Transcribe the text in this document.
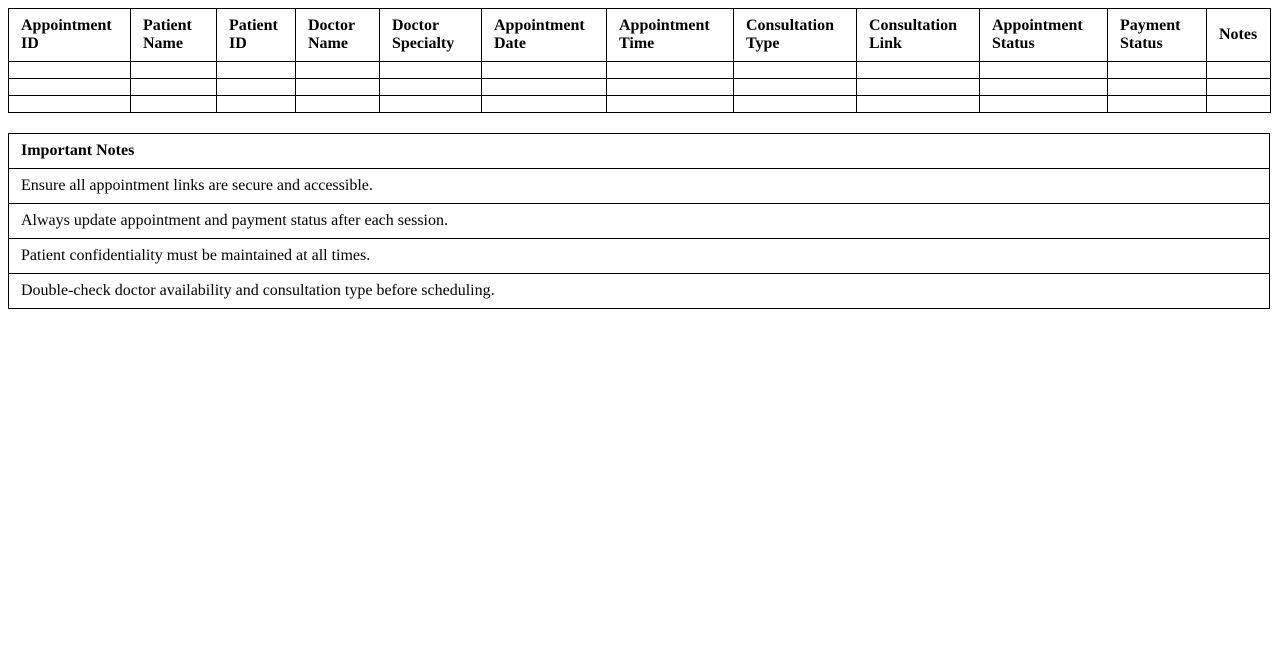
Appointment ID	Patient Name	Patient ID	Doctor Name	Doctor Specialty	Appointment Date	Appointment Time	Consultation Type	Consultation Link	Appointment Status	Payment Status	Notes

Important Notes
Ensure all appointment links are secure and accessible.
Always update appointment and payment status after each session.
Patient confidentiality must be maintained at all times.
Double-check doctor availability and consultation type before scheduling.
